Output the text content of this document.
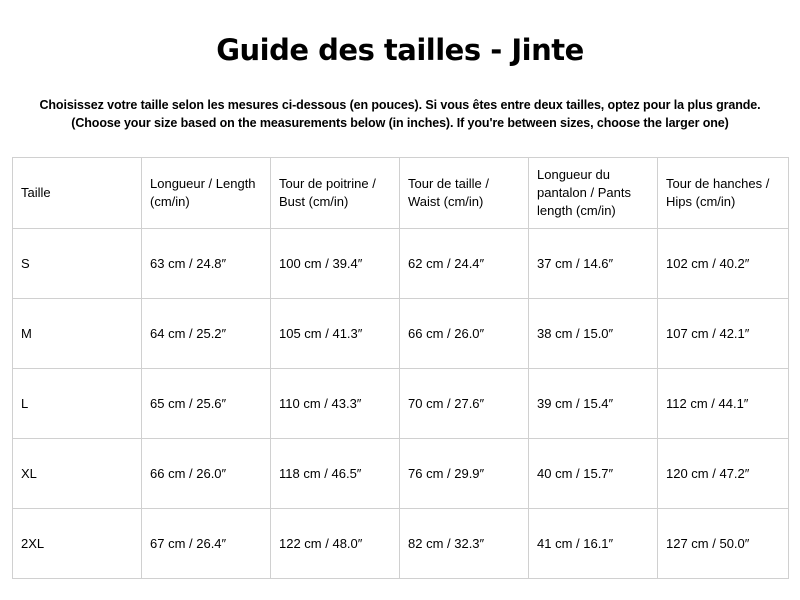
Guide des tailles - Jinte
Choisissez votre taille selon les mesures ci-dessous (en pouces). Si vous êtes entre deux tailles, optez pour la plus grande.
(Choose your size based on the measurements below (in inches). If you're between sizes, choose the larger one)
Taille	Longueur / Length (cm/in)	Tour de poitrine / Bust (cm/in)	Tour de taille / Waist (cm/in)	Longueur du pantalon / Pants length (cm/in)	Tour de hanches / Hips (cm/in)
S	63 cm / 24.8″	100 cm / 39.4″	62 cm / 24.4″	37 cm / 14.6″	102 cm / 40.2″
M	64 cm / 25.2″	105 cm / 41.3″	66 cm / 26.0″	38 cm / 15.0″	107 cm / 42.1″
L	65 cm / 25.6″	110 cm / 43.3″	70 cm / 27.6″	39 cm / 15.4″	112 cm / 44.1″
XL	66 cm / 26.0″	118 cm / 46.5″	76 cm / 29.9″	40 cm / 15.7″	120 cm / 47.2″
2XL	67 cm / 26.4″	122 cm / 48.0″	82 cm / 32.3″	41 cm / 16.1″	127 cm / 50.0″
